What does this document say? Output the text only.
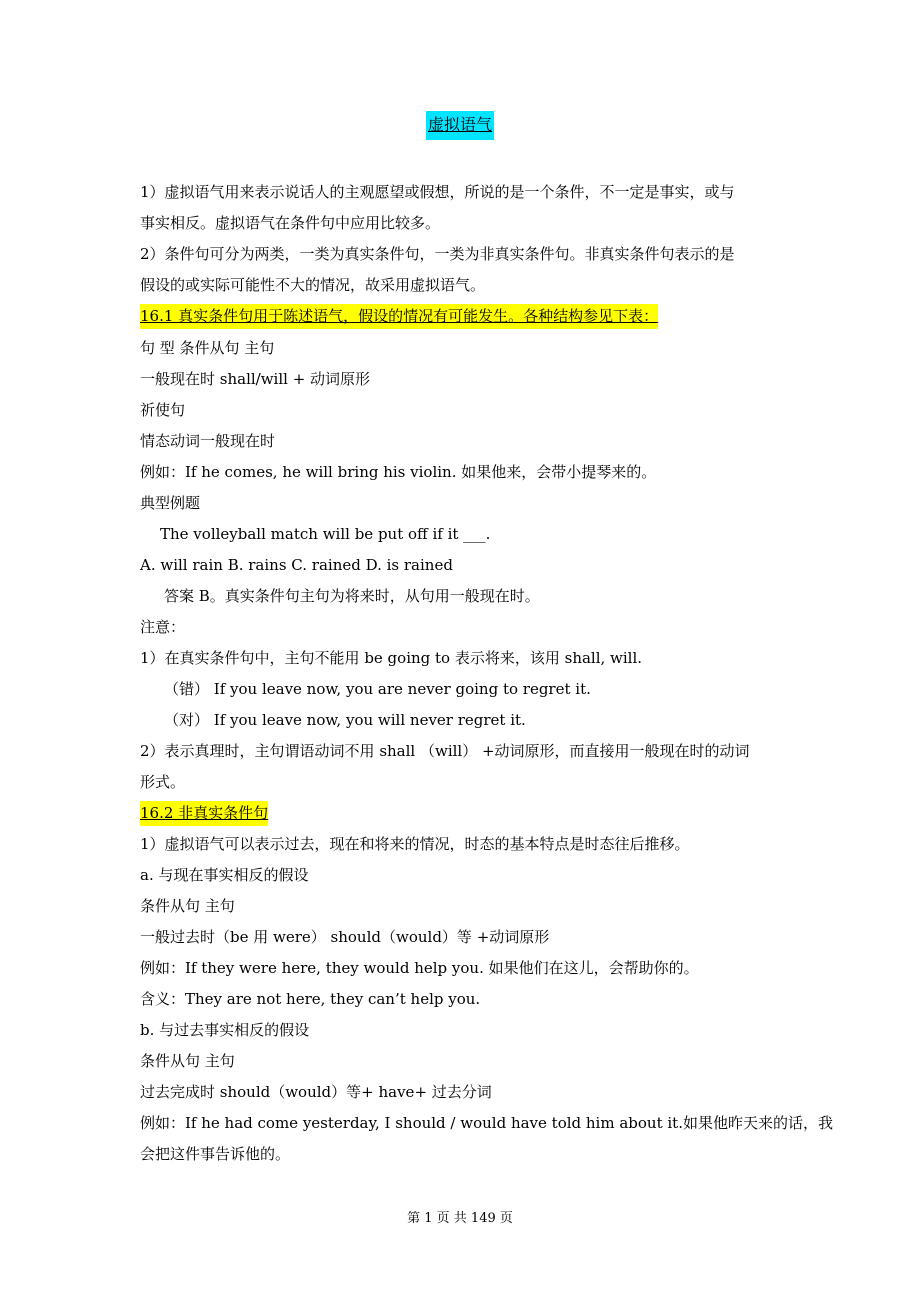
虚拟语气
1）虚拟语气用来表示说话人的主观愿望或假想，所说的是一个条件，不一定是事实，或与
事实相反。虚拟语气在条件句中应用比较多。
2）条件句可分为两类，一类为真实条件句，一类为非真实条件句。非真实条件句表示的是
假设的或实际可能性不大的情况，故采用虚拟语气。
16.1 真实条件句用于陈述语气，假设的情况有可能发生。各种结构参见下表：
句 型 条件从句 主句
一般现在时 shall/will + 动词原形
祈使句
情态动词一般现在时
例如：If he comes, he will bring his violin. 如果他来，会带小提琴来的。
典型例题
The volleyball match will be put off if it ___.
A. will rain B. rains C. rained D. is rained
答案 B。真实条件句主句为将来时，从句用一般现在时。
注意：
1）在真实条件句中，主句不能用 be going to 表示将来，该用 shall, will.
（错） If you leave now, you are never going to regret it.
（对） If you leave now, you will never regret it.
2）表示真理时，主句谓语动词不用 shall （will） +动词原形，而直接用一般现在时的动词
形式。
16.2 非真实条件句
1）虚拟语气可以表示过去，现在和将来的情况，时态的基本特点是时态往后推移。
a. 与现在事实相反的假设
条件从句 主句
一般过去时（be 用 were） should（would）等 +动词原形
例如：If they were here, they would help you. 如果他们在这儿，会帮助你的。
含义：They are not here, they can’t help you.
b. 与过去事实相反的假设
条件从句 主句
过去完成时 should（would）等+ have+ 过去分词
例如：If he had come yesterday, I should / would have told him about it.如果他昨天来的话，我
会把这件事告诉他的。
第 1 页 共 149 页
